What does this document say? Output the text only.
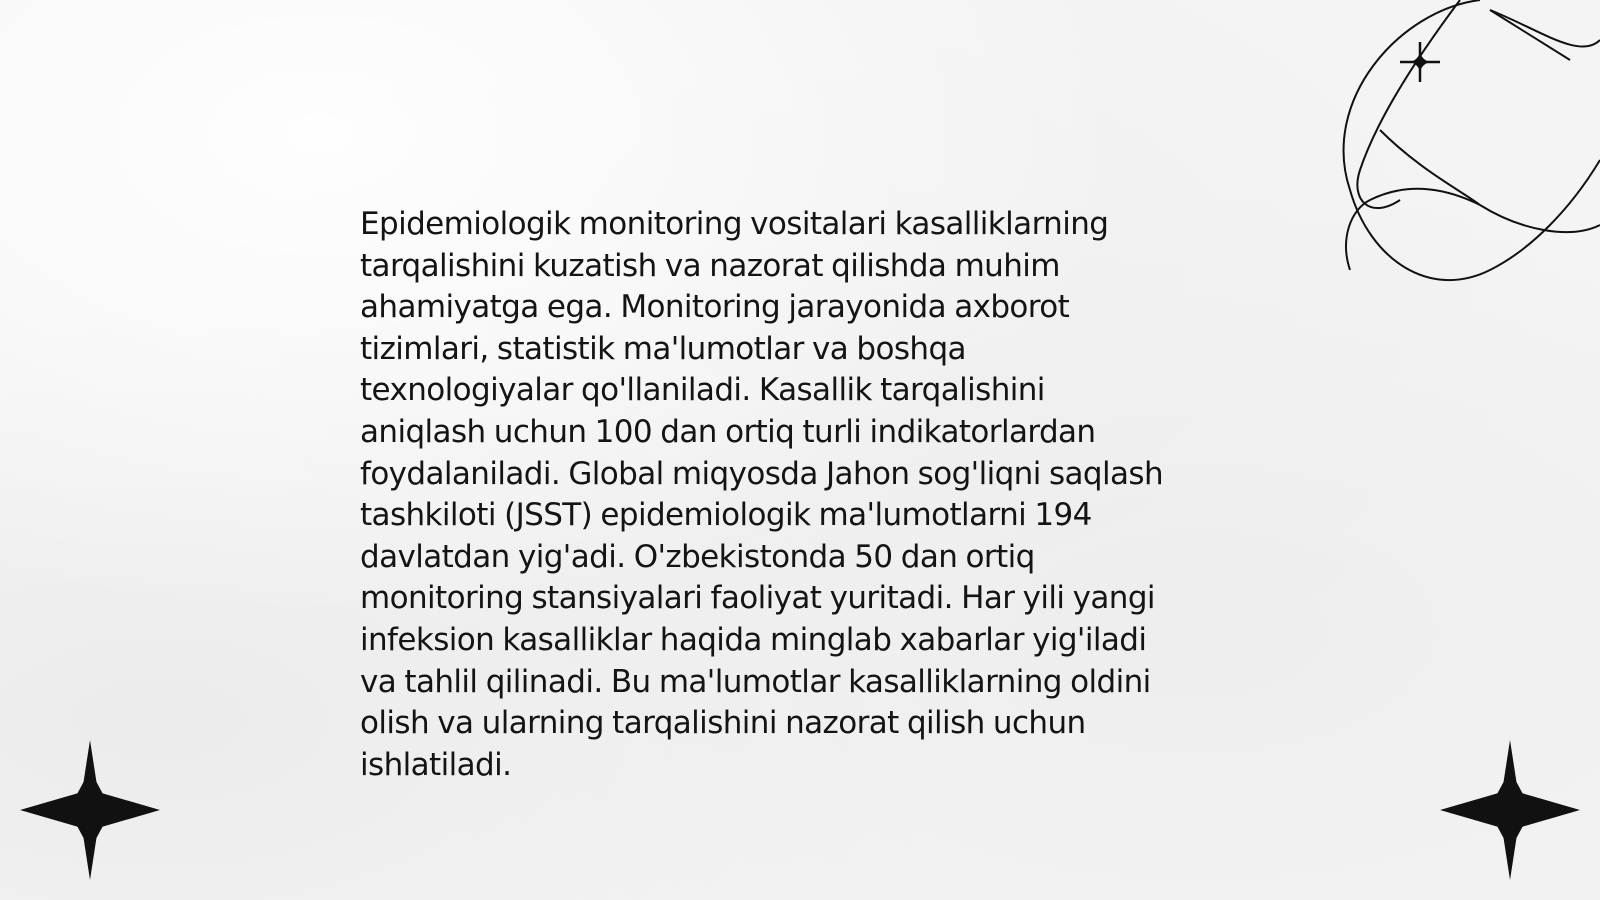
Epidemiologik monitoring vositalari kasalliklarning
tarqalishini kuzatish va nazorat qilishda muhim
ahamiyatga ega. Monitoring jarayonida axborot
tizimlari, statistik ma'lumotlar va boshqa
texnologiyalar qo'llaniladi. Kasallik tarqalishini
aniqlash uchun 100 dan ortiq turli indikatorlardan
foydalaniladi. Global miqyosda Jahon sog'liqni saqlash
tashkiloti (JSST) epidemiologik ma'lumotlarni 194
davlatdan yig'adi. O'zbekistonda 50 dan ortiq
monitoring stansiyalari faoliyat yuritadi. Har yili yangi
infeksion kasalliklar haqida minglab xabarlar yig'iladi
va tahlil qilinadi. Bu ma'lumotlar kasalliklarning oldini
olish va ularning tarqalishini nazorat qilish uchun
ishlatiladi.
